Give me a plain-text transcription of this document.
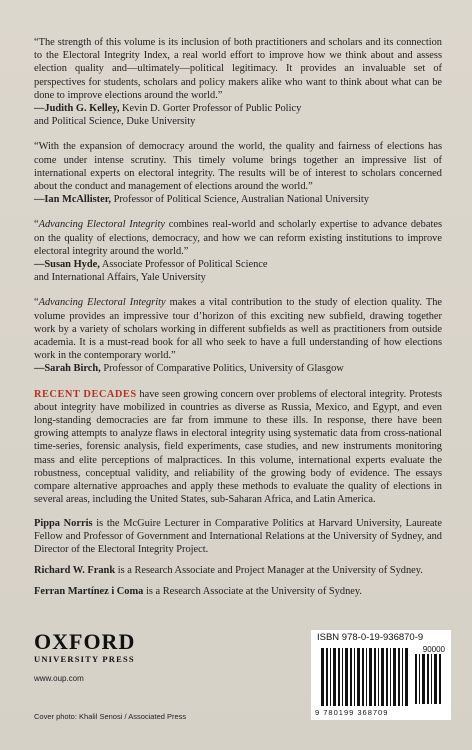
“The strength of this volume is its inclusion of both practitioners and scholars and its connection to the Electoral Integrity Index, a real world effort to improve how we think about and assess election quality and—ultimately—political legitimacy. It provides an invaluable set of perspectives for students, scholars and policy makers alike who want to think about what can be done to improve elections around the world.”

—Judith G. Kelley, Kevin D. Gorter Professor of Public Policy
and Political Science, Duke University

“With the expansion of democracy around the world, the quality and fairness of elections has come under intense scrutiny. This timely volume brings together an impressive list of international experts on electoral integrity. The results will be of interest to scholars concerned about the conduct and management of elections around the world.”

—Ian McAllister, Professor of Political Science, Australian National University

“Advancing Electoral Integrity combines real-world and scholarly expertise to advance debates on the quality of elections, democracy, and how we can reform existing institutions to improve electoral integrity around the world.”

—Susan Hyde, Associate Professor of Political Science
and International Affairs, Yale University

“Advancing Electoral Integrity makes a vital contribution to the study of election quality. The volume provides an impressive tour d’horizon of this exciting new subfield, drawing together work by a variety of scholars working in different subfields as well as practitioners from outside academia. It is a must-read book for all who seek to have a full understanding of how elections work in the contemporary world.”

—Sarah Birch, Professor of Comparative Politics, University of Glasgow

RECENT DECADES have seen growing concern over problems of electoral integrity. Protests about integrity have mobilized in countries as diverse as Russia, Mexico, and Egypt, and even long-standing democracies are far from immune to these ills. In response, there have been growing attempts to analyze flaws in electoral integrity using systematic data from cross-national time-series, forensic analysis, field experiments, case studies, and new instruments monitoring mass and elite perceptions of malpractices. In this volume, international experts evaluate the robustness, conceptual validity, and reliability of the growing body of evidence. The essays compare alternative approaches and apply these methods to evaluate the quality of elections in several areas, including the United States, sub-Saharan Africa, and Latin America.

Pippa Norris is the McGuire Lecturer in Comparative Politics at Harvard University, Laureate Fellow and Professor of Government and International Relations at the University of Sydney, and Director of the Electoral Integrity Project.

Richard W. Frank is a Research Associate and Project Manager at the University of Sydney.

Ferran Martínez i Coma is a Research Associate at the University of Sydney.

OXFORD
UNIVERSITY PRESS
www.oup.com
Cover photo: Khalil Senosi / Associated Press
ISBN 978-0-19-936870-9
90000
9 780199 368709
